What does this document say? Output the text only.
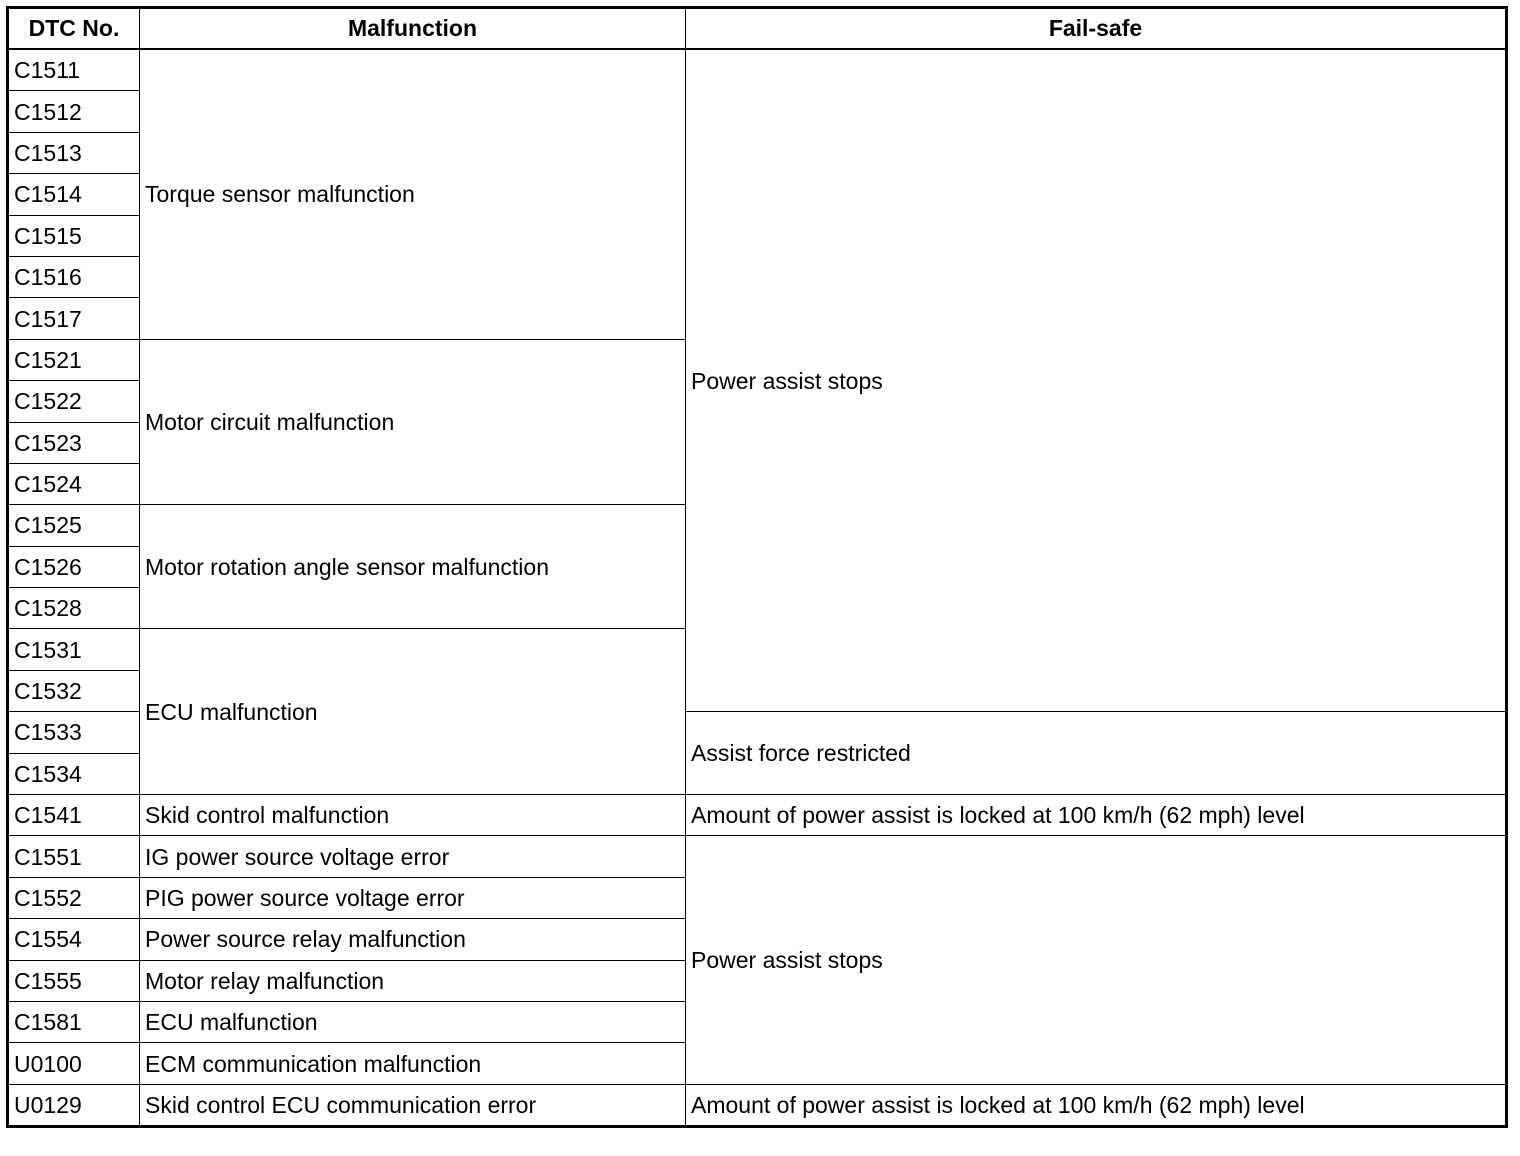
DTC No.	Malfunction	Fail-safe
C1511	Torque sensor malfunction	Power assist stops
C1512		
C1513		
C1514		
C1515		
C1516		
C1517		
C1521	Motor circuit malfunction	
C1522		
C1523		
C1524		
C1525	Motor rotation angle sensor malfunction	
C1526		
C1528		
C1531	ECU malfunction	
C1532		
C1533		Assist force restricted
C1534		
C1541	Skid control malfunction	Amount of power assist is locked at 100 km/h (62 mph) level
C1551	IG power source voltage error	Power assist stops
C1552	PIG power source voltage error	
C1554	Power source relay malfunction	
C1555	Motor relay malfunction	
C1581	ECU malfunction	
U0100	ECM communication malfunction	
U0129	Skid control ECU communication error	Amount of power assist is locked at 100 km/h (62 mph) level
